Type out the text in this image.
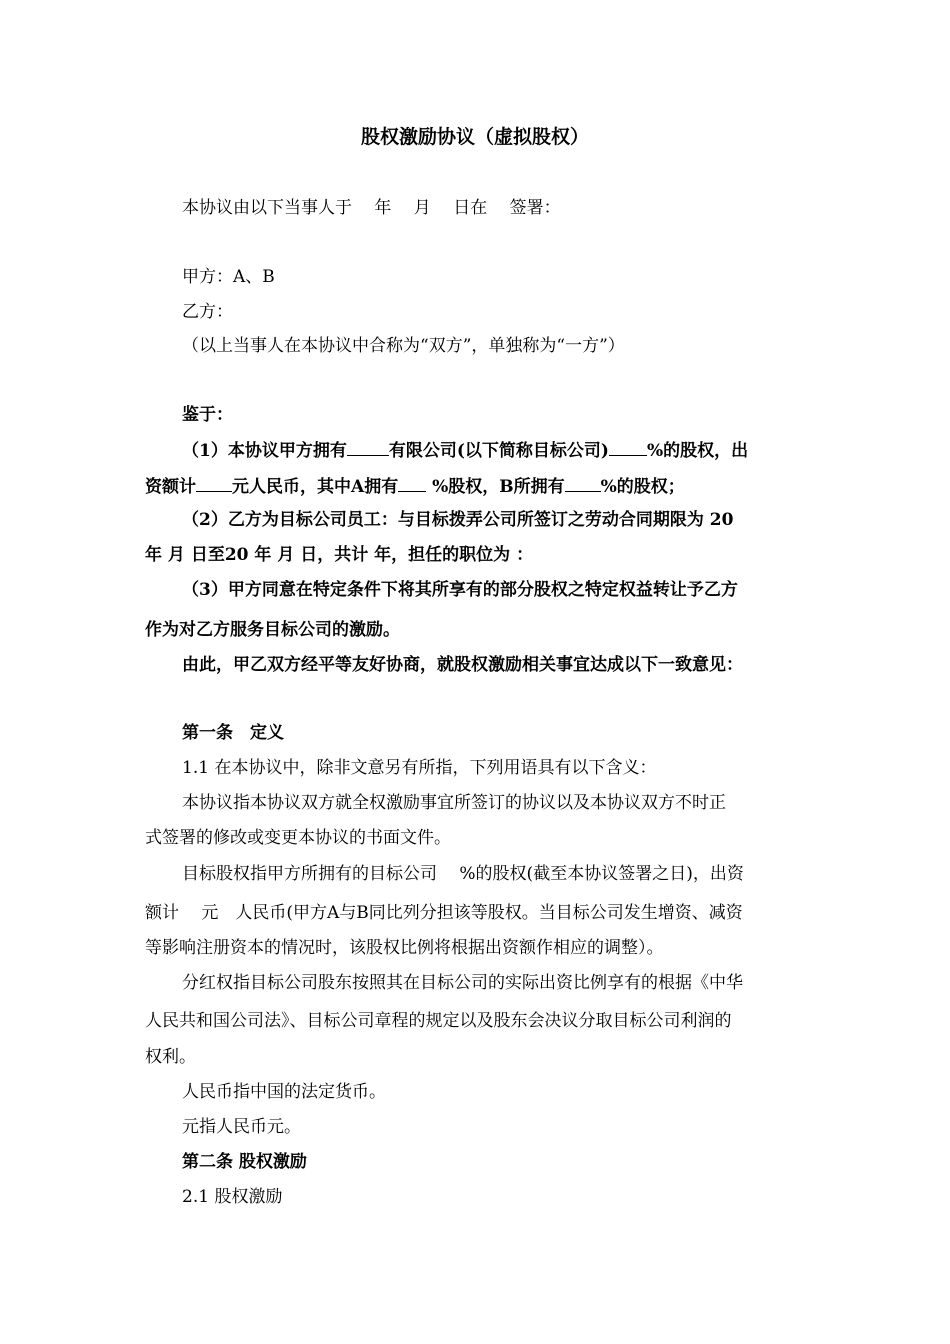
股权激励协议（虚拟股权）
本协议由以下当事人于　 年　 月　 日在　 签署：
甲方：A、B
乙方：
（以上当事人在本协议中合称为“双方”，单独称为“一方”）
鉴于：
（1）本协议甲方拥有 有限公司(以下简称目标公司) %的股权，出
资额计 元人民币，其中A拥有 %股权，B所拥有 %的股权；
（2）乙方为目标公司员工：与目标拨弄公司所签订之劳动合同期限为 20
年 月 日至20 年 月 日，共计 年，担任的职位为 ：
（3）甲方同意在特定条件下将其所享有的部分股权之特定权益转让予乙方
作为对乙方服务目标公司的激励。
由此，甲乙双方经平等友好协商，就股权激励相关事宜达成以下一致意见：
第一条　定义
1.1 在本协议中，除非文意另有所指，下列用语具有以下含义：
本协议指本协议双方就全权激励事宜所签订的协议以及本协议双方不时正
式签署的修改或变更本协议的书面文件。
目标股权指甲方所拥有的目标公司　 %的股权(截至本协议签署之日)，出资
额计　 元　人民币(甲方A与B同比列分担该等股权。当目标公司发生增资、减资
等影响注册资本的情况时，该股权比例将根据出资额作相应的调整）。
分红权指目标公司股东按照其在目标公司的实际出资比例享有的根据《中华
人民共和国公司法》、目标公司章程的规定以及股东会决议分取目标公司利润的
权利。
人民币指中国的法定货币。
元指人民币元。
第二条 股权激励
2.1 股权激励
